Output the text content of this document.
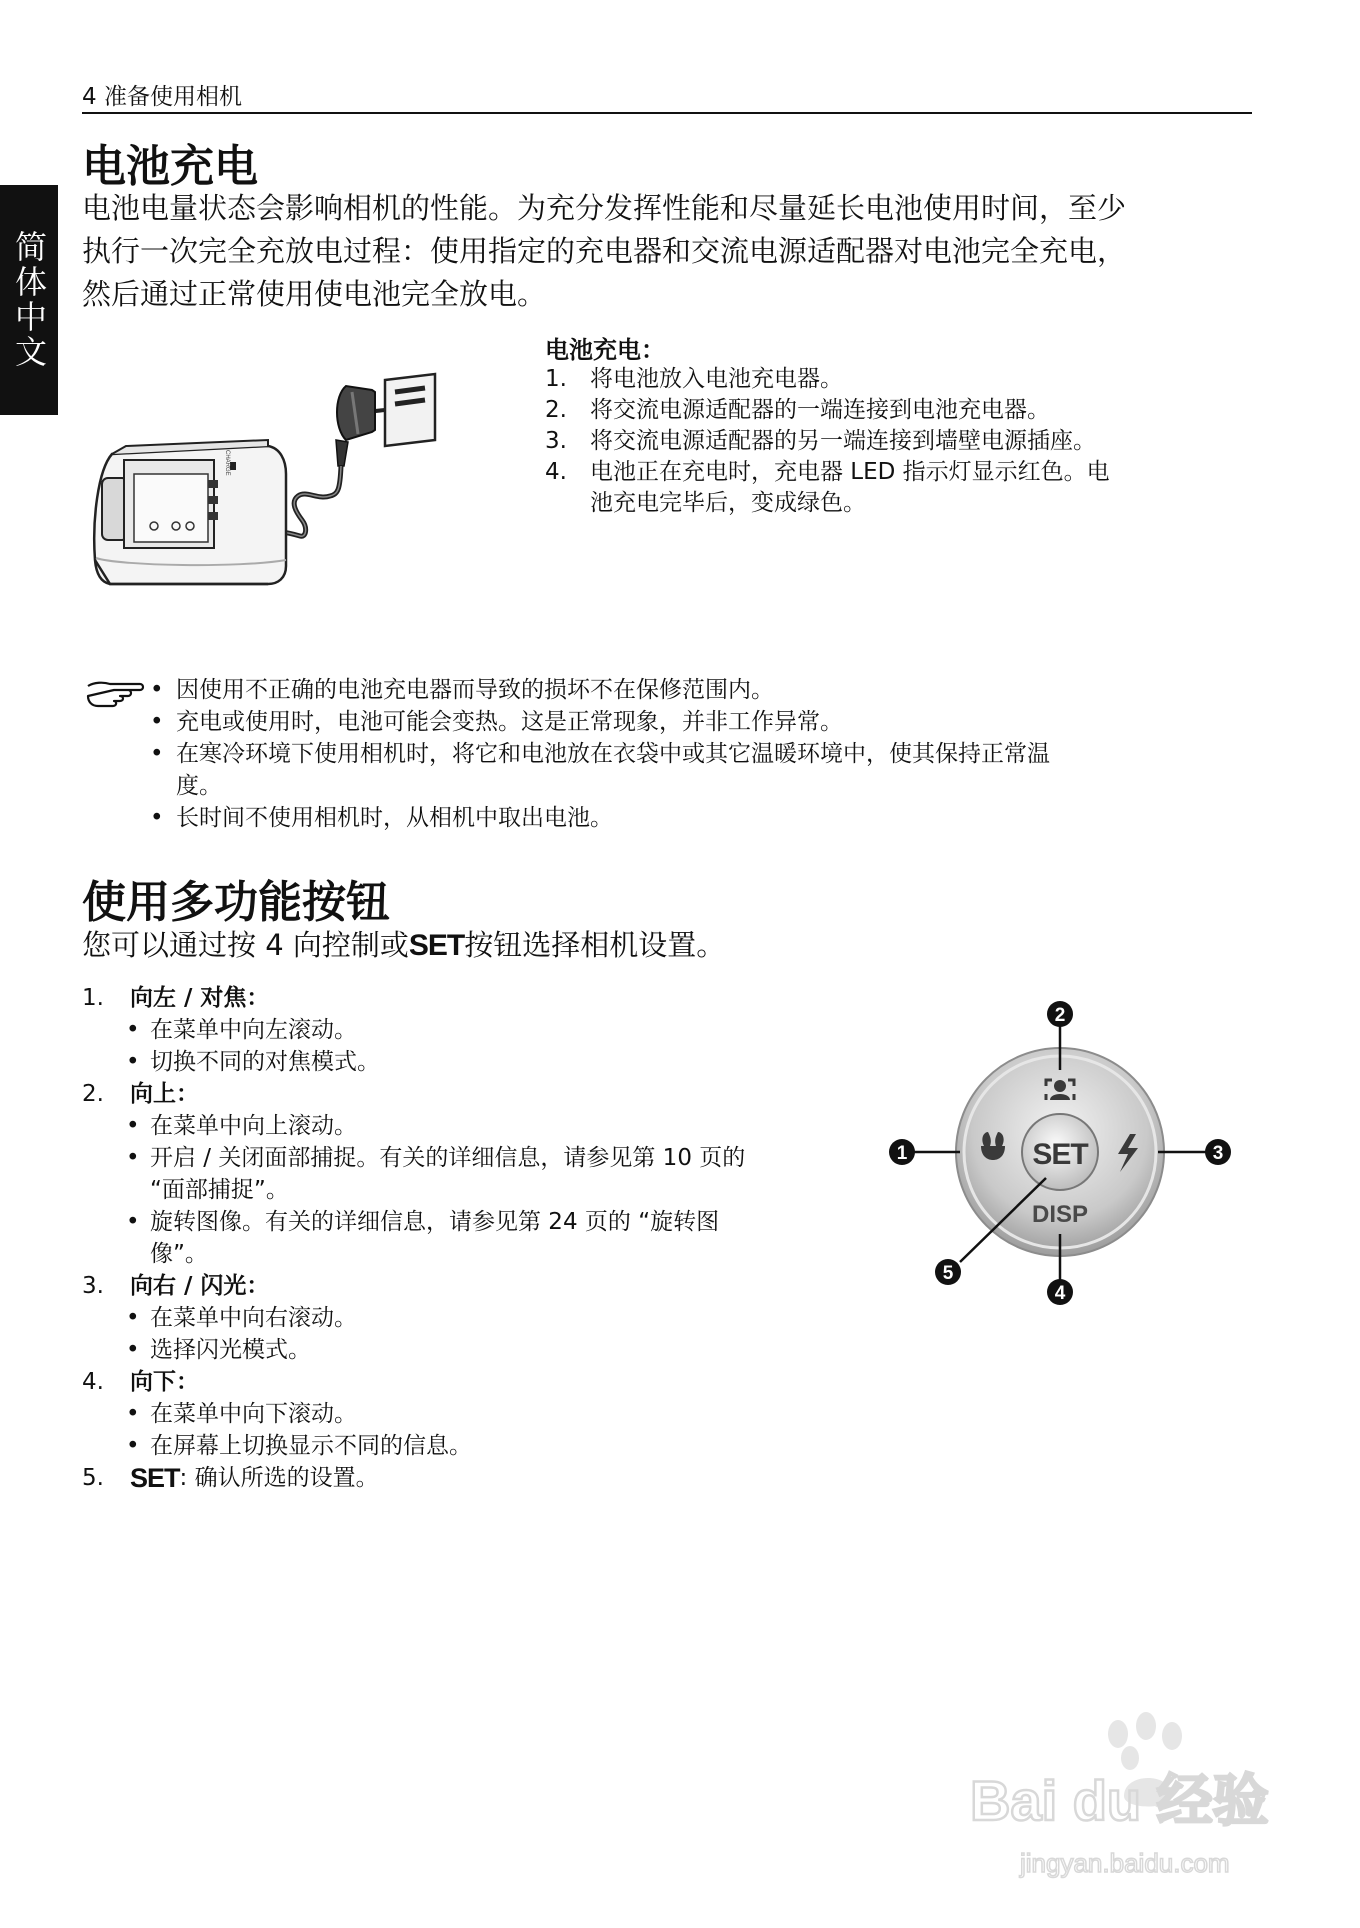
4 准备使用相机
简体中文
电池充电
电池电量状态会影响相机的性能。为充分发挥性能和尽量延长电池使用时间，至少
执行一次完全充放电过程：使用指定的充电器和交流电源适配器对电池完全充电，
然后通过正常使用使电池完全放电。
CHARGE
电池充电：
1.	将电池放入电池充电器。
2.	将交流电源适配器的一端连接到电池充电器。
3.	将交流电源适配器的另一端连接到墙壁电源插座。
4.	电池正在充电时，充电器 LED 指示灯显示红色。电
池充电完毕后，变成绿色。
• 因使用不正确的电池充电器而导致的损坏不在保修范围内。
• 充电或使用时，电池可能会变热。这是正常现象，并非工作异常。
• 在寒冷环境下使用相机时，将它和电池放在衣袋中或其它温暖环境中，使其保持正常温
度。
• 长时间不使用相机时，从相机中取出电池。
使用多功能按钮
您可以通过按 4 向控制或SET按钮选择相机设置。
1.	向左 / 对焦：
• 在菜单中向左滚动。
• 切换不同的对焦模式。
2.	向上：
• 在菜单中向上滚动。
• 开启 / 关闭面部捕捉。有关的详细信息，请参见第 10 页的
“面部捕捉”。
• 旋转图像。有关的详细信息，请参见第 24 页的 “旋转图
像”。
3.	向右 / 闪光：
• 在菜单中向右滚动。
• 选择闪光模式。
4.	向下：
• 在菜单中向下滚动。
• 在屏幕上切换显示不同的信息。
5. SET : 确认所选的设置。
SET
DISP
2
1	3
4
5
Bai du 经验
jingyan.baidu.com
